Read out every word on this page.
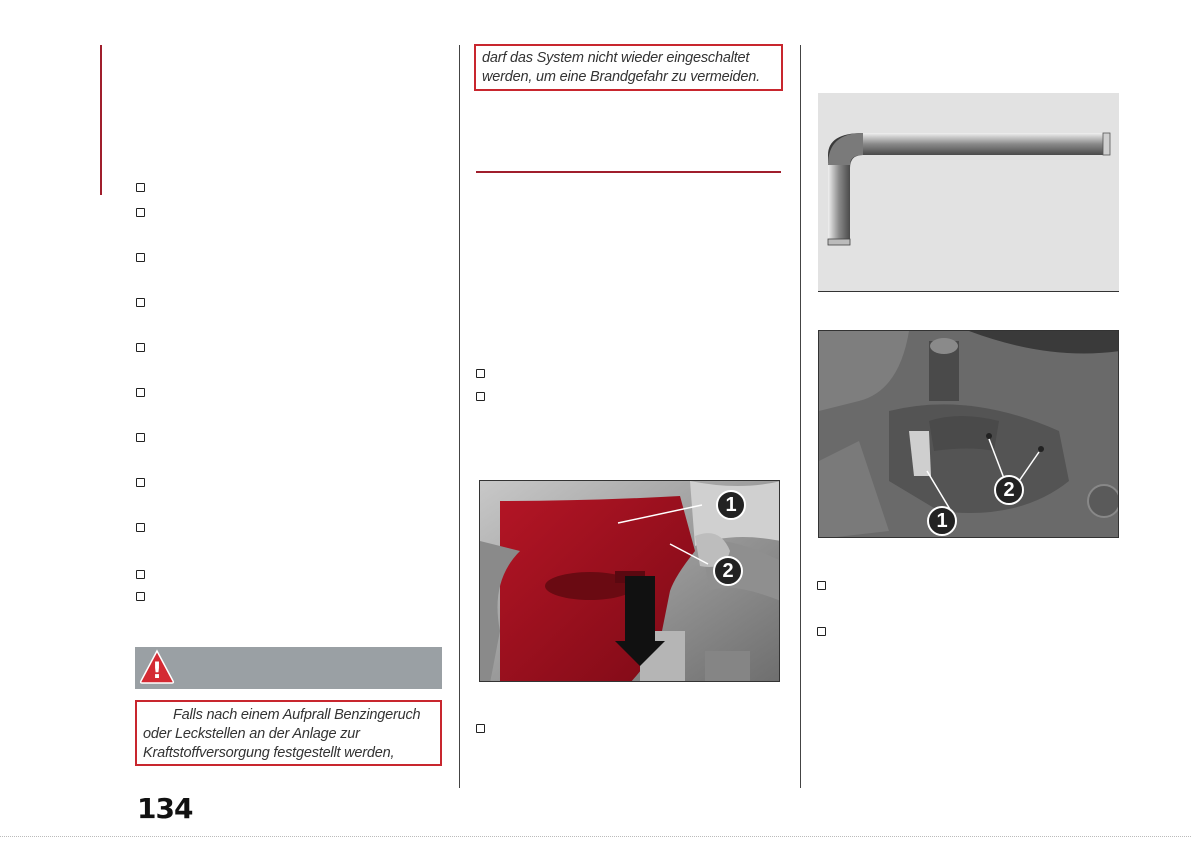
!
Falls nach einem Aufprall Benzingeruch
oder Leckstellen an der Anlage zur
Kraftstoffversorgung festgestellt werden,
darf das System nicht wieder eingeschaltet
werden, um eine Brandgefahr zu vermeiden.
1
2
1
2
134
